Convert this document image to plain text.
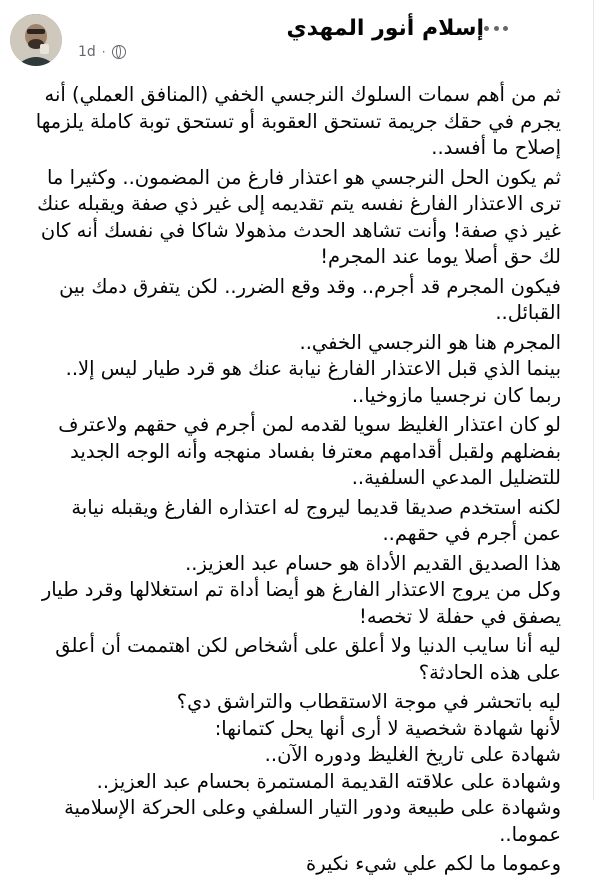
إسلام أنور المهدي
1d ·

ثم من أهم سمات السلوك النرجسي الخفي (المنافق العملي) أنه يجرم في حقك جريمة تستحق العقوبة أو تستحق توبة كاملة يلزمها إصلاح ما أفسد..

ثم يكون الحل النرجسي هو اعتذار فارغ من المضمون.. وكثيرا ما ترى الاعتذار الفارغ نفسه يتم تقديمه إلى غير ذي صفة ويقبله عنك غير ذي صفة! وأنت تشاهد الحدث مذهولا شاكا في نفسك أنه كان لك حق أصلا يوما عند المجرم!

فيكون المجرم قد أجرم.. وقد وقع الضرر.. لكن يتفرق دمك بين القبائل..

المجرم هنا هو النرجسي الخفي..

بينما الذي قبل الاعتذار الفارغ نيابة عنك هو قرد طيار ليس إلا.. ربما كان نرجسيا مازوخيا..

لو كان اعتذار الغليظ سويا لقدمه لمن أجرم في حقهم ولاعترف بفضلهم ولقبل أقدامهم معترفا بفساد منهجه وأنه الوجه الجديد للتضليل المدعي السلفية..

لكنه استخدم صديقا قديما ليروج له اعتذاره الفارغ ويقبله نيابة عمن أجرم في حقهم..

هذا الصديق القديم الأداة هو حسام عبد العزيز..

وكل من يروج الاعتذار الفارغ هو أيضا أداة تم استغلالها وقرد طيار يصفق في حفلة لا تخصه!

ليه أنا سايب الدنيا ولا أعلق على أشخاص لكن اهتممت أن أعلق على هذه الحادثة؟

ليه باتحشر في موجة الاستقطاب والتراشق دي؟

لأنها شهادة شخصية لا أرى أنها يحل كتمانها:

شهادة على تاريخ الغليظ ودوره الآن..

وشهادة على علاقته القديمة المستمرة بحسام عبد العزيز..

وشهادة على طبيعة ودور التيار السلفي وعلى الحركة الإسلامية عموما..

وعموما ما لكم علي شيء نكيرة
